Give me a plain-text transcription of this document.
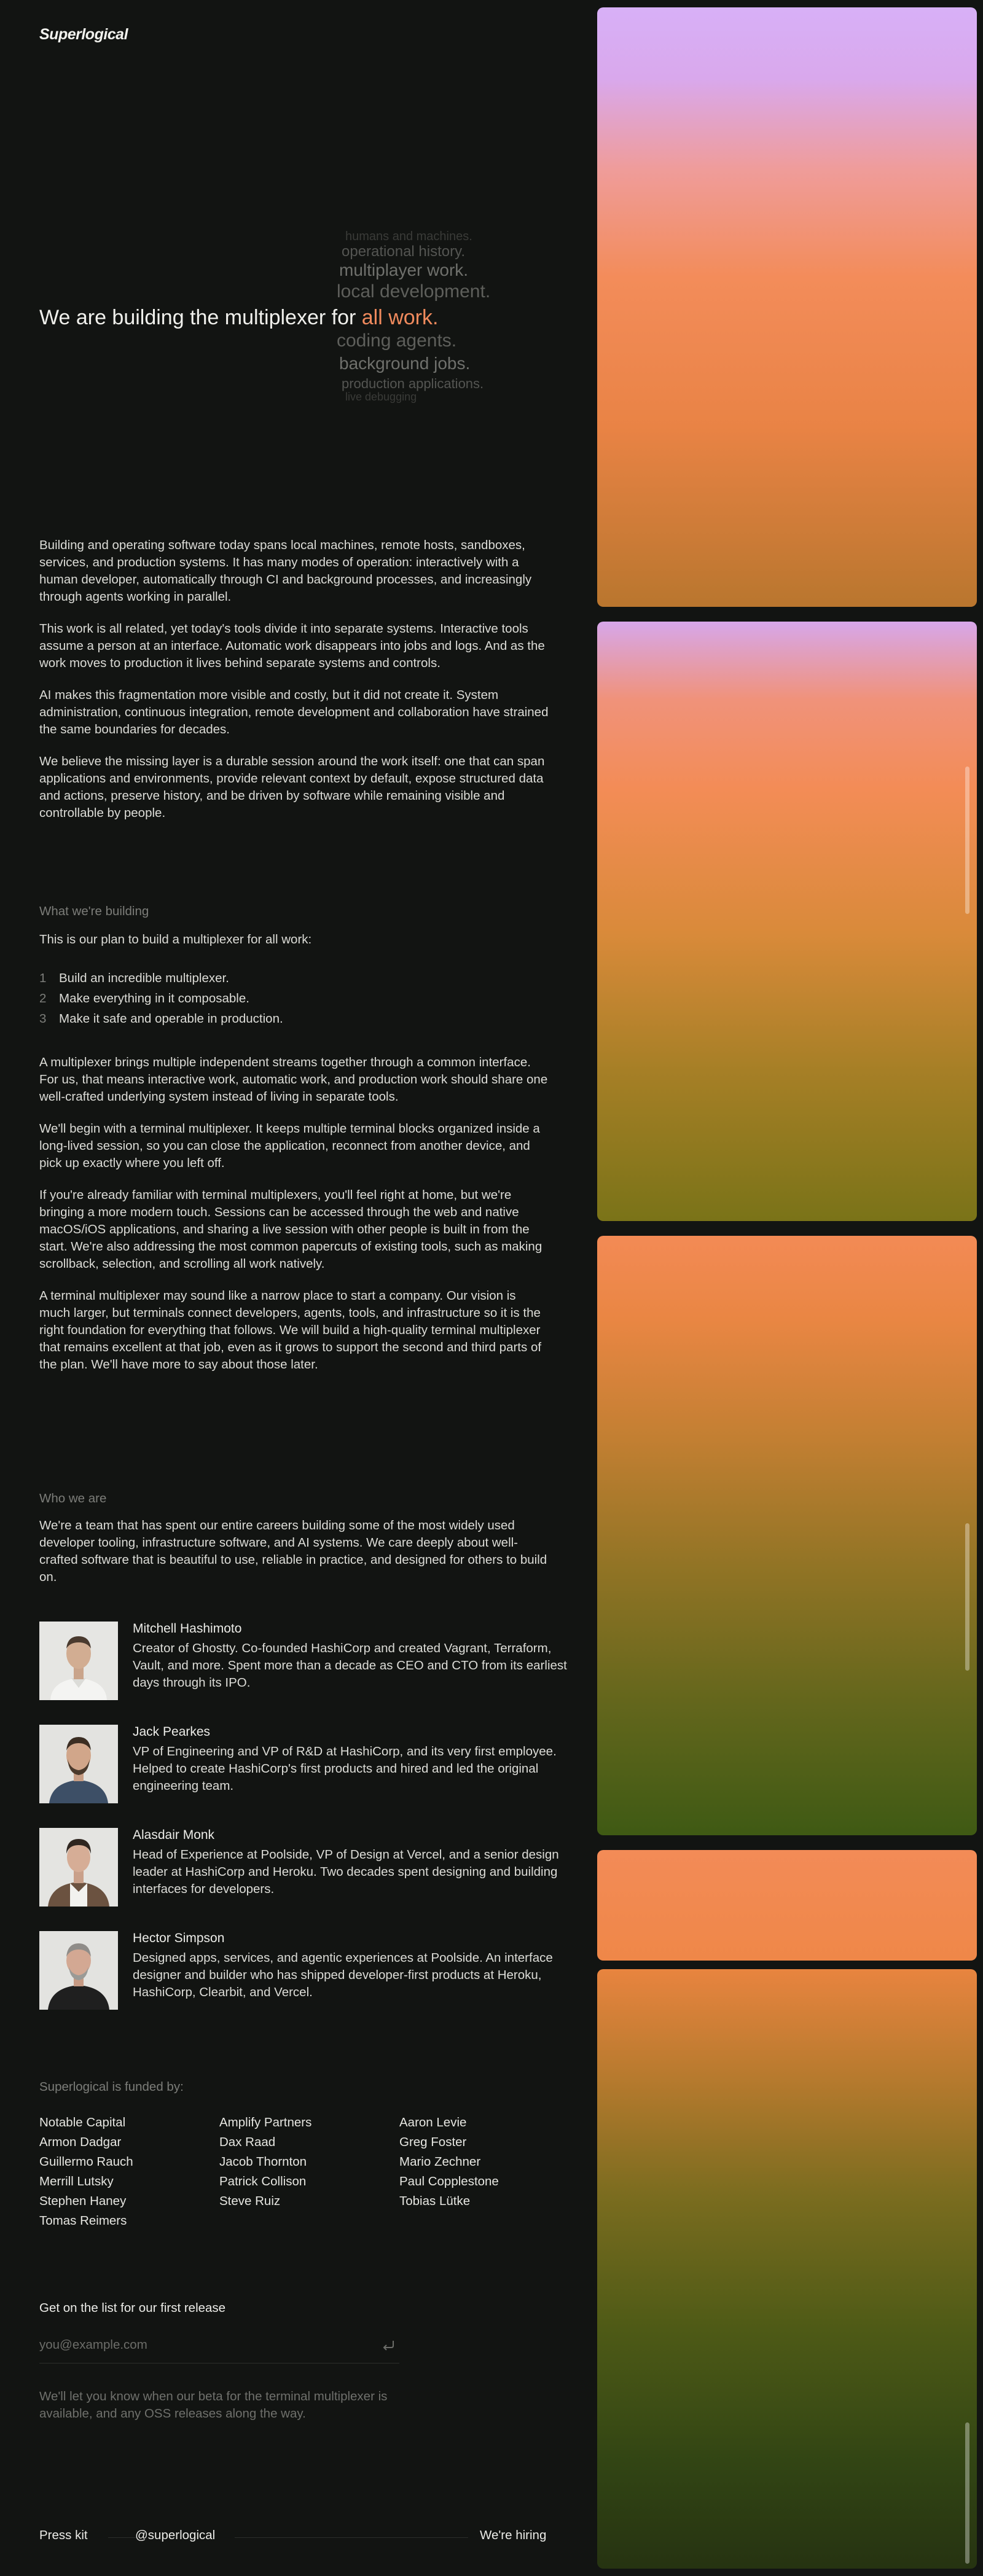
Superlogical
We are building the multiplexer for all work.
humans and machines.
operational history.
multiplayer work.
local development.
coding agents.
background jobs.
production applications.
live debugging

Building and operating software today spans local machines, remote hosts, sandboxes, services, and production systems. It has many modes of operation: interactively with a human developer, automatically through CI and background processes, and increasingly through agents working in parallel.

This work is all related, yet today's tools divide it into separate systems. Interactive tools assume a person at an interface. Automatic work disappears into jobs and logs. And as the work moves to production it lives behind separate systems and controls.

AI makes this fragmentation more visible and costly, but it did not create it. System administration, continuous integration, remote development and collaboration have strained the same boundaries for decades.

We believe the missing layer is a durable session around the work itself: one that can span applications and environments, provide relevant context by default, expose structured data and actions, preserve history, and be driven by software while remaining visible and controllable by people.

What we're building

This is our plan to build a multiplexer for all work:

1 Build an incredible multiplexer.
2 Make everything in it composable.
3 Make it safe and operable in production.

A multiplexer brings multiple independent streams together through a common interface. For us, that means interactive work, automatic work, and production work should share one well-crafted underlying system instead of living in separate tools.

We'll begin with a terminal multiplexer. It keeps multiple terminal blocks organized inside a long-lived session, so you can close the application, reconnect from another device, and pick up exactly where you left off.

If you're already familiar with terminal multiplexers, you'll feel right at home, but we're bringing a more modern touch. Sessions can be accessed through the web and native macOS/iOS applications, and sharing a live session with other people is built in from the start. We're also addressing the most common papercuts of existing tools, such as making scrollback, selection, and scrolling all work natively.

A terminal multiplexer may sound like a narrow place to start a company. Our vision is much larger, but terminals connect developers, agents, tools, and infrastructure so it is the right foundation for everything that follows. We will build a high-quality terminal multiplexer that remains excellent at that job, even as it grows to support the second and third parts of the plan. We'll have more to say about those later.

Who we are

We're a team that has spent our entire careers building some of the most widely used developer tooling, infrastructure software, and AI systems. We care deeply about well-crafted software that is beautiful to use, reliable in practice, and designed for others to build on.

Mitchell Hashimoto
Creator of Ghostty. Co-founded HashiCorp and created Vagrant, Terraform, Vault, and more. Spent more than a decade as CEO and CTO from its earliest days through its IPO.
Jack Pearkes
VP of Engineering and VP of R&D at HashiCorp, and its very first employee. Helped to create HashiCorp's first products and hired and led the original engineering team.
Alasdair Monk
Head of Experience at Poolside, VP of Design at Vercel, and a senior design leader at HashiCorp and Heroku. Two decades spent designing and building interfaces for developers.
Hector Simpson
Designed apps, services, and agentic experiences at Poolside. An interface designer and builder who has shipped developer-first products at Heroku, HashiCorp, Clearbit, and Vercel.
Superlogical is funded by:
Notable Capital
Armon Dadgar
Guillermo Rauch
Merrill Lutsky
Stephen Haney
Tomas Reimers
Amplify Partners
Dax Raad
Jacob Thornton
Patrick Collison
Steve Ruiz
Aaron Levie
Greg Foster
Mario Zechner
Paul Copplestone
Tobias Lütke
Get on the list for our first release
you@example.com
We'll let you know when our beta for the terminal multiplexer is available, and any OSS releases along the way.
Press kit	@superlogical	We're hiring
